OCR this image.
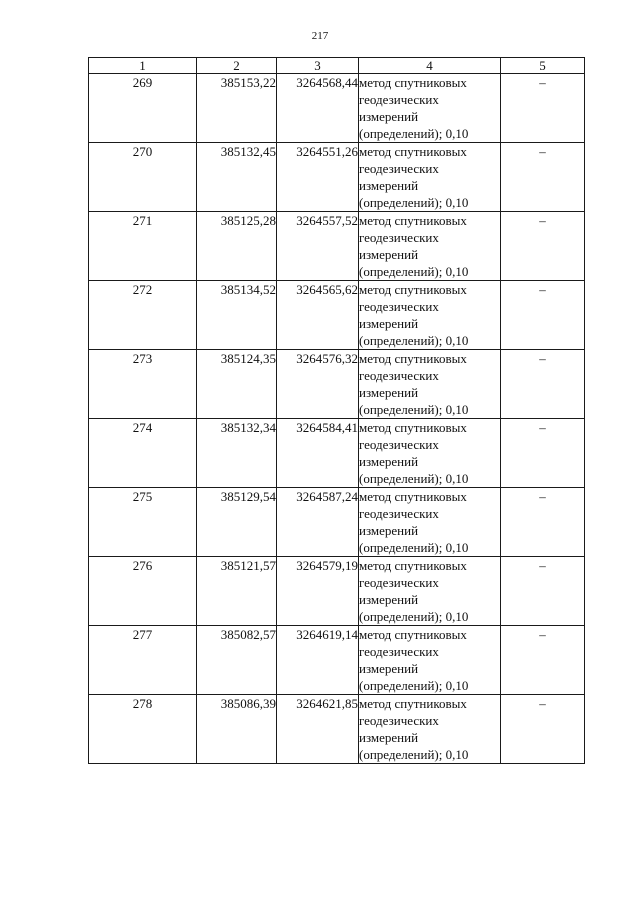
217
1	2	3	4	5
269	385153,22	3264568,44	метод спутниковых
геодезических
измерений
(определений); 0,10	–
270	385132,45	3264551,26	метод спутниковых
геодезических
измерений
(определений); 0,10	–
271	385125,28	3264557,52	метод спутниковых
геодезических
измерений
(определений); 0,10	–
272	385134,52	3264565,62	метод спутниковых
геодезических
измерений
(определений); 0,10	–
273	385124,35	3264576,32	метод спутниковых
геодезических
измерений
(определений); 0,10	–
274	385132,34	3264584,41	метод спутниковых
геодезических
измерений
(определений); 0,10	–
275	385129,54	3264587,24	метод спутниковых
геодезических
измерений
(определений); 0,10	–
276	385121,57	3264579,19	метод спутниковых
геодезических
измерений
(определений); 0,10	–
277	385082,57	3264619,14	метод спутниковых
геодезических
измерений
(определений); 0,10	–
278	385086,39	3264621,85	метод спутниковых
геодезических
измерений
(определений); 0,10	–
